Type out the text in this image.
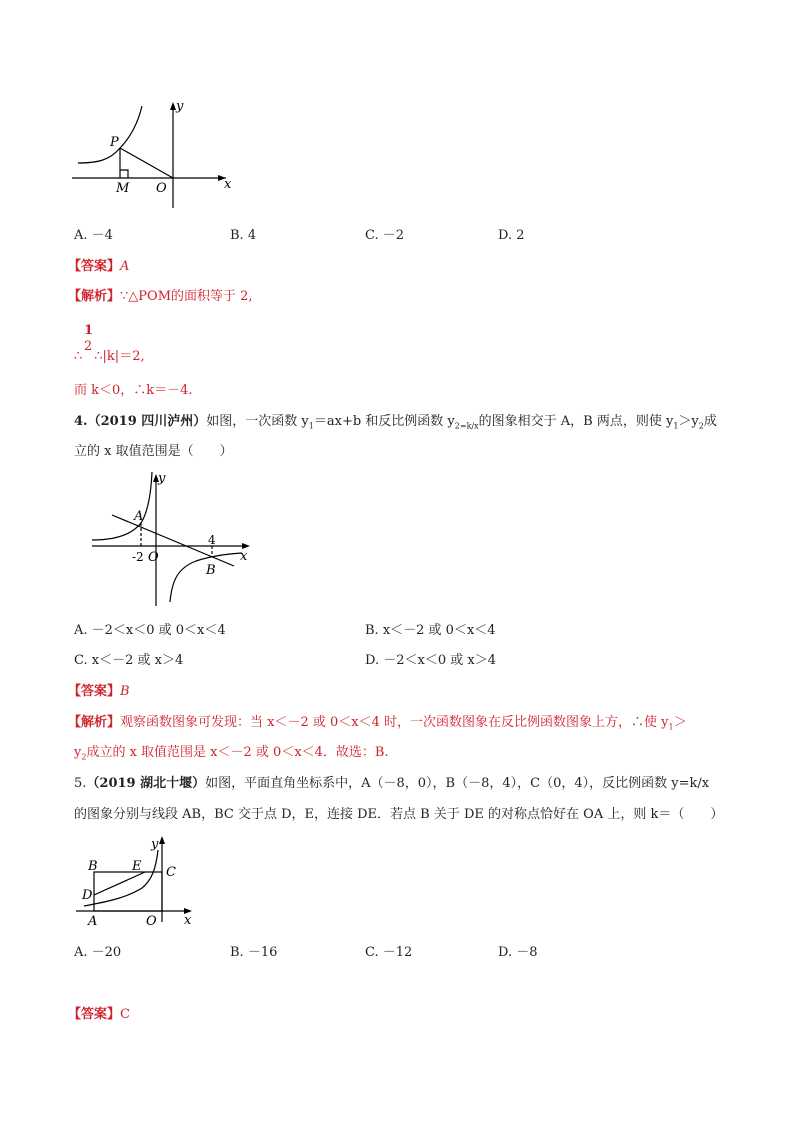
y
x
P
M O
A. －4	B. 4	C. －2	D. 2
【答案】A
【解析】∵△POM的面积等于 2,
1
2
∴ ∴|k|＝2,
而 k＜0，∴k＝－4.
4.（2019 四川泸州）如图，一次函数 $y_1=ax+b$ 和反比例函数 $y_{2=k/x}$的图象相交于 A，B 两点，则使 $y_1>y_2$成
立的 x 取值范围是（　　）
y
x
A
B
-2 O
4
A. －2＜x＜0 或 0＜x＜4	B. x＜－2 或 0＜x＜4
C. x＜－2 或 x＞4	D. －2＜x＜0 或 x＞4
【答案】B
【解析】观察函数图象可发现：当 x＜－2 或 0＜x＜4 时，一次函数图象在反比例函数图象上方，∴使 $y_1>$
$y_2$成立的 x 取值范围是 x＜－2 或 0＜x＜4．故选：B.
5.（2019 湖北十堰）如图，平面直角坐标系中，A（－8，0），B（－8，4），C（0，4），反比例函数 y=k/x
的图象分别与线段 AB，BC 交于点 D，E，连接 DE．若点 B 关于 DE 的对称点恰好在 OA 上，则 k＝（　　）
y
x
B	E C
D
A	O
A. －20	B. －16	C. －12	D. －8
【答案】C
